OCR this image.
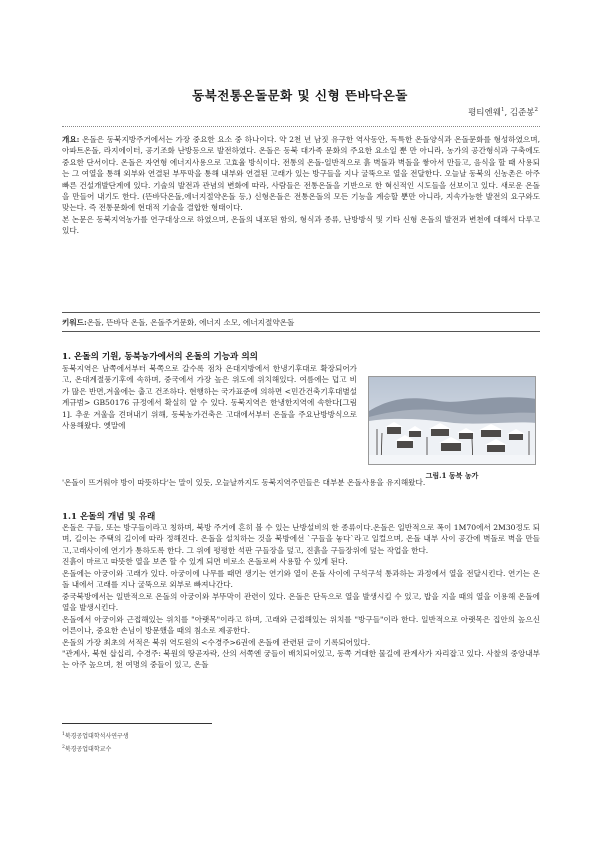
동북전통온돌문화 및 신형 뜬바닥온돌
평티엔웨$^1$, 김준봉$^2$

개요: 온돌은 동북지방주거에서는 가장 중요한 요소 중 하나이다. 약 2천 년 남짓 유구한 역사동안, 독특한 온돌양식과 온돌문화를 형성하였으며, 아파트온돌, 라지에이터, 공기조화 난방등으로 발전하였다. 온돌은 동북 대가족 문화의 주요한 요소일 뿐 만 아니라, 농가의 공간형식과 구축에도 중요한 단서이다. 온돌은 자연형 에너지사용으로 고효율 방식이다. 전통의 온돌-일반적으로 흙 벽돌과 벽돌을 쌓아서 만들고, 음식을 할 때 사용되는 그 여열을 통해 외부와 연결된 부뚜막을 통해 내부와 연결된 고래가 있는 방구들을 지나 굴뚝으로 열을 전달한다. 오늘날 동북의 신농촌은 아주 빠른 건설개발단계에 있다. 기술의 발전과 관념의 변화에 따라, 사람들은 전통온돌을 기반으로 한 혁신적인 시도들을 선보이고 있다. 새로운 온돌을 만들어 내기도 한다. (뜬바닥온돌,에너지절약온돌 등,) 신형온돌은 전통온돌의 모든 기능을 계승할 뿐만 아니라, 지속가능한 발전의 요구와도 맞는다. 즉 전통문화에 현대적 기술을 결합한 형태이다.

본 논문은 동북지역농가를 연구대상으로 하였으며, 온돌의 내포된 함의, 형식과 종류, 난방방식 및 기타 신형 온돌의 발전과 변천에 대해서 다루고 있다.

키워드:온돌, 뜬바닥 온돌, 온돌주거문화, 에너지 소모, 에너지절약온돌
1. 온돌의 기원, 동북농가에서의 온돌의 기능과 의의
동북지역은 남쪽에서부터 북쪽으로 갈수록 점차 온대지방에서 한냉기후대로 확장되어가고, 온대계절풍기후에 속하며, 중국에서 가장 높은 위도에 위치해있다. 여름에는 덥고 비가 많은 반면,겨울에는 춥고 건조하다. 현행하는 국가표준에 의하면 <민간건축기후대별설계규범> GB50176 규정에서 확실히 알 수 있다. 동북지역은 한냉한지역에 속한다[그림1]. 추운 겨울을 견뎌내기 위해, 동북농가건축은 고대에서부터 온돌을 주요난방방식으로 사용해왔다. 옛말에
'온돌이 뜨거워야 방이 따뜻하다'는 말이 있듯, 오늘날까지도 동북지역주민들은 대부분 온돌사용을 유지해왔다.
그림.1 동북 농가
1.1 온돌의 개념 및 유래

온돌은 구들, 또는 방구들이라고 칭하며, 북방 주거에 흔히 볼 수 있는 난방설비의 한 종류이다.온돌은 일반적으로 폭이 1M70에서 2M30정도 되며, 길이는 주택의 길이에 따라 정해진다. 온돌을 설치하는 것을 북방에선 `구들을 놓다`라고 일컬으며, 온돌 내부 사이 공간에 벽돌로 벽을 만들고,고래사이에 연기가 통하도록 한다. 그 위에 평평한 석판 구들장을 덮고, 진흙을 구들장위에 덮는 작업을 한다.

진흙이 마르고 따뜻한 열을 보존 할 수 있게 되면 비로소 온돌로써 사용할 수 있게 된다.

온돌에는 아궁이와 고래가 있다. 아궁이에 나무를 때면 생기는 연기와 열이 온돌 사이에 구석구석 통과하는 과정에서 열을 전달시킨다. 연기는 온돌 내에서 고래를 지나 굴뚝으로 외부로 빠져나간다.

중국북방에서는 일반적으로 온돌의 아궁이와 부뚜막이 관련이 있다. 온돌은 단독으로 열을 발생시킬 수 있고, 밥을 지을 때의 열을 이용해 온돌에 열을 발생시킨다.

온돌에서 아궁이와 근접해있는 위치를 "아랫목"이라고 하며, 고래와 근접해있는 위치를 "방구들"이라 한다. 일반적으로 아랫목은 집안의 높으신 어른이나, 중요한 손님이 방문했을 때의 침소로 제공한다.

온돌의 가장 최초의 서적은 북위 역도원의 <수경주>6권에 온돌에 관련된 글이 기록되어있다.

"관계사, 북현 삽십리, 수경주: 북원의 땅곧자락, 산의 서쪽엔 궁들이 배치되어있고, 동쪽 거대한 물길에 관계사가 자리잡고 있다. 사찰의 중앙내부는 아주 높으며, 천 여명의 중들이 있고, 온돌

$^1$북경공업대학석사연구생
$^2$북경공업대학교수
